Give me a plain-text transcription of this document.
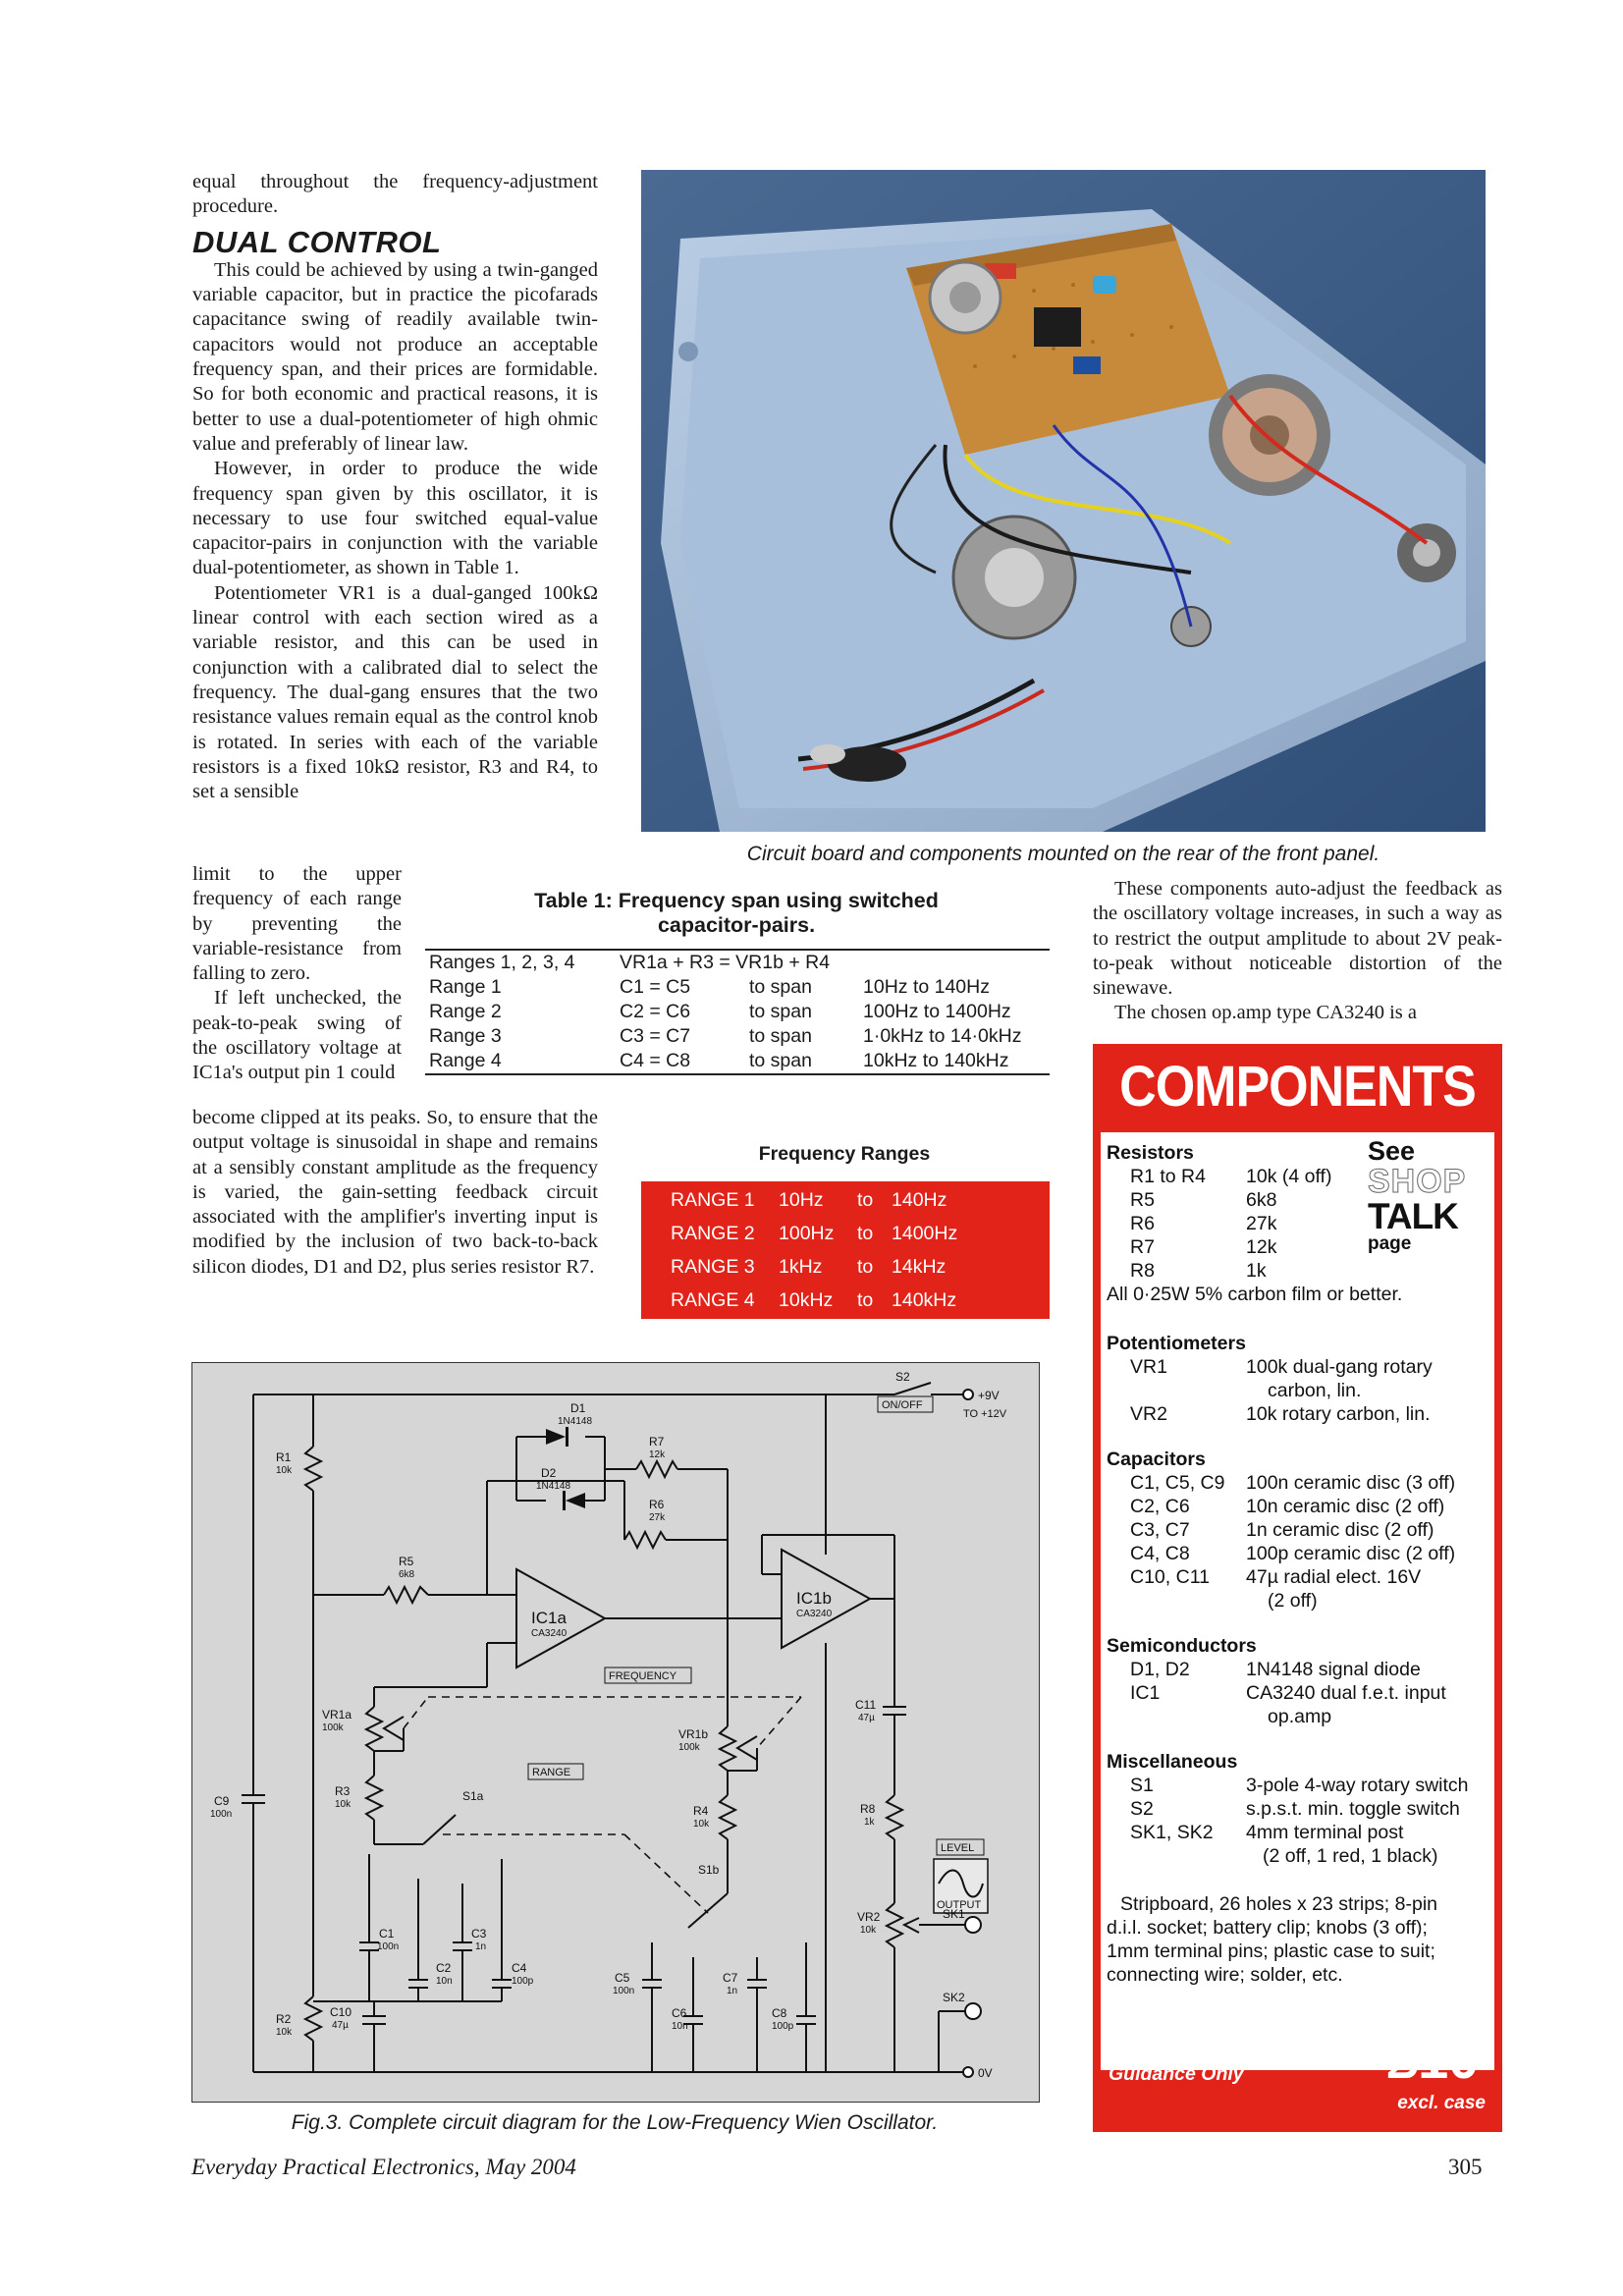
equal throughout the frequency-adjustment procedure.

DUAL CONTROL

This could be achieved by using a twin-ganged variable capacitor, but in practice the picofarads capacitance swing of readily available twin-capacitors would not produce an acceptable frequency span, and their prices are formidable. So for both economic and practical reasons, it is better to use a dual-potentiometer of high ohmic value and preferably of linear law.

However, in order to produce the wide frequency span given by this oscillator, it is necessary to use four switched equal-value capacitor-pairs in conjunction with the variable dual-potentiometer, as shown in Table 1.

Potentiometer VR1 is a dual-ganged 100kΩ linear control with each section wired as a variable resistor, and this can be used in conjunction with a calibrated dial to select the frequency. The dual-gang ensures that the two resistance values remain equal as the control knob is rotated. In series with each of the variable resistors is a fixed 10kΩ resistor, R3 and R4, to set a sensible

limit to the upper frequency of each range by preventing the variable-resistance from falling to zero.

If left unchecked, the peak-to-peak swing of the oscillatory voltage at IC1a's output pin 1 could

become clipped at its peaks. So, to ensure that the output voltage is sinusoidal in shape and remains at a sensibly constant amplitude as the frequency is varied, the gain-setting feedback circuit associated with the amplifier's inverting input is modified by the inclusion of two back-to-back silicon diodes, D1 and D2, plus series resistor R7.

Circuit board and components mounted on the rear of the front panel.
Table 1: Frequency span using switched
capacitor-pairs.
Ranges 1, 2, 3, 4	VR1a + R3 = VR1b + R4		
Range 1	C1 = C5	to span	10Hz to 140Hz
Range 2	C2 = C6	to span	100Hz to 1400Hz
Range 3	C3 = C7	to span	1·0kHz to 14·0kHz
Range 4	C4 = C8	to span	10kHz to 140kHz

These components auto-adjust the feedback as the oscillatory voltage increases, in such a way as to restrict the output amplitude to about 2V peak-to-peak without noticeable distortion of the sinewave.

The chosen op.amp type CA3240 is a

Frequency Ranges
RANGE 1 10Hz to 140Hz
RANGE 2 100Hz to 1400Hz
RANGE 3 1kHz to 14kHz
RANGE 4 10kHz to 140kHz
COMPONENTS
Resistors
R1 to R4 10k (4 off)
R5	6k8
R6	27k
R7	12k
R8	1k
All 0·25W 5% carbon film or better.
See
SHOP
TALK
page
Potentiometers
VR1	100k dual-gang rotary
carbon, lin.
VR2	10k rotary carbon, lin.
Capacitors
C1, C5, C9 100n ceramic disc (3 off)
C2, C6	10n ceramic disc (2 off)
C3, C7	1n ceramic disc (2 off)
C4, C8	100p ceramic disc (2 off)
C10, C11 47µ radial elect. 16V
(2 off)
Semiconductors
D1, D2	1N4148 signal diode
IC1	CA3240 dual f.e.t. input
op.amp
Miscellaneous
S1	3-pole 4-way rotary switch
S2	s.p.s.t. min. toggle switch
SK1, SK2 4mm terminal post
(2 off, 1 red, 1 black)
Stripboard, 26 holes x 23 strips; 8-pin
d.i.l. socket; battery clip; knobs (3 off);
1mm terminal pins; plastic case to suit;
connecting wire; solder, etc.
Approx. Cost
Guidance Only	£10
excl. case
D1
1N4148
D2
1N4148
R7
12k
R6
27k
R1
10k
R5
6k8
IC1a
CA3240
IC1b
CA3240
FREQUENCY
RANGE
ON/OFF
S2
+9V
TO +12V
0V
VR1a
100k	VR1b
100k
R3
10k	R4
10k
S1a
S1b
C9
100n
C1
100n
C2
10n
C3
1n
C4
100p	C5
100n
C6
10n
C7
1n
C8
100p
C10
47µ
C11
47µ
R2
10k
R8
1k
VR2
10k
LEVEL
OUTPUT
SK1
SK2
Fig.3. Complete circuit diagram for the Low-Frequency Wien Oscillator.
Everyday Practical Electronics, May 2004	305
